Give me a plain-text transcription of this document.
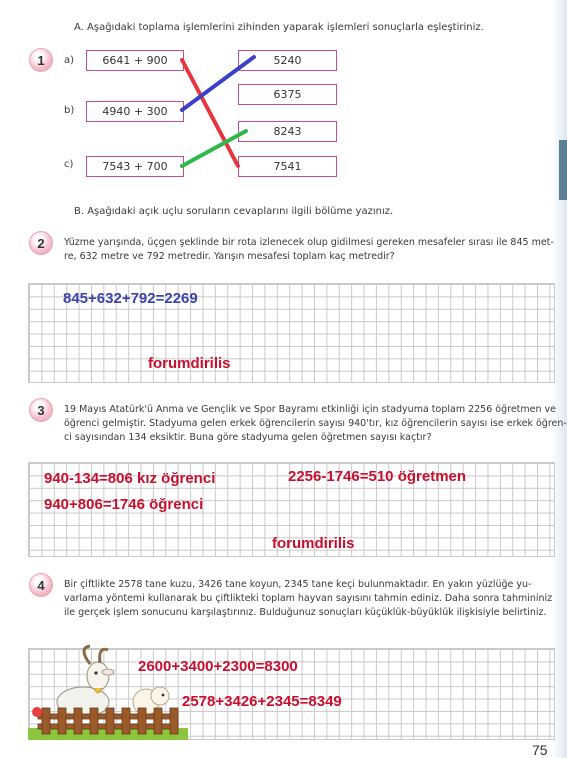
A. Aşağıdaki toplama işlemlerini zihinden yaparak işlemleri sonuçlarla eşleştiriniz.
1	a)	6641 + 900
b)	4940 + 300
c)	7543 + 700
5240
6375
8243
7541
B. Aşağıdaki açık uçlu soruların cevaplarını ilgili bölüme yazınız.
2	Yüzme yarışında, üçgen şeklinde bir rota izlenecek olup gidilmesi gereken mesafeler sırası ile 845 met-
re, 632 metre ve 792 metredir. Yarışın mesafesi toplam kaç metredir?
845+632+792=2269
forumdirilis
3	19 Mayıs Atatürk'ü Anma ve Gençlik ve Spor Bayramı etkinliği için stadyuma toplam 2256 öğretmen ve
öğrenci gelmiştir. Stadyuma gelen erkek öğrencilerin sayısı 940'tır, kız öğrencilerin sayısı ise erkek öğren-
ci sayısından 134 eksiktir. Buna göre stadyuma gelen öğretmen sayısı kaçtır?
940-134=806 kız öğrenci
940+806=1746 öğrenci
2256-1746=510 öğretmen
forumdirilis
4	Bir çiftlikte 2578 tane kuzu, 3426 tane koyun, 2345 tane keçi bulunmaktadır. En yakın yüzlüğe yu-
varlama yöntemi kullanarak bu çiftlikteki toplam hayvan sayısını tahmin ediniz. Daha sonra tahmininiz
ile gerçek işlem sonucunu karşılaştırınız. Bulduğunuz sonuçları küçüklük-büyüklük ilişkisiyle belirtiniz.
2600+3400+2300=8300
2578+3426+2345=8349
75
